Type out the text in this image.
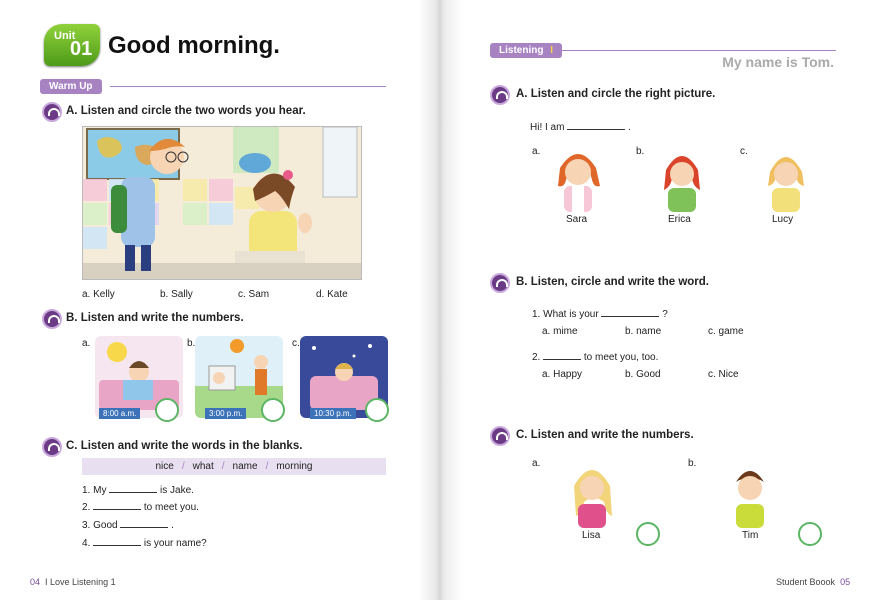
Unit
01 Good morning.
Warm Up
A. Listen and circle the two words you hear.
a. Kelly	b. Sally	c. Sam	d. Kate
B. Listen and write the numbers.
a.
8:00 a.m.
b.
3:00 p.m.
c.
10:30 p.m.
C. Listen and write the words in the blanks.
nice / what / name / morning
1. My	is Jake.
2.	to meet you.
3. Good	.
4.	is your name?
04 I Love Listening 1
Listening I
My name is Tom.
A. Listen and circle the right picture.
Hi! I am	.
a.
Sara
b.
Erica
c.
Lucy
B. Listen, circle and write the word.
1. What is your	?
a. mime	b. name	c. game
2.	to meet you, too.
a. Happy	b. Good	c. Nice
C. Listen and write the numbers.
a.
Lisa
b.
Tim
Student Boook 05
